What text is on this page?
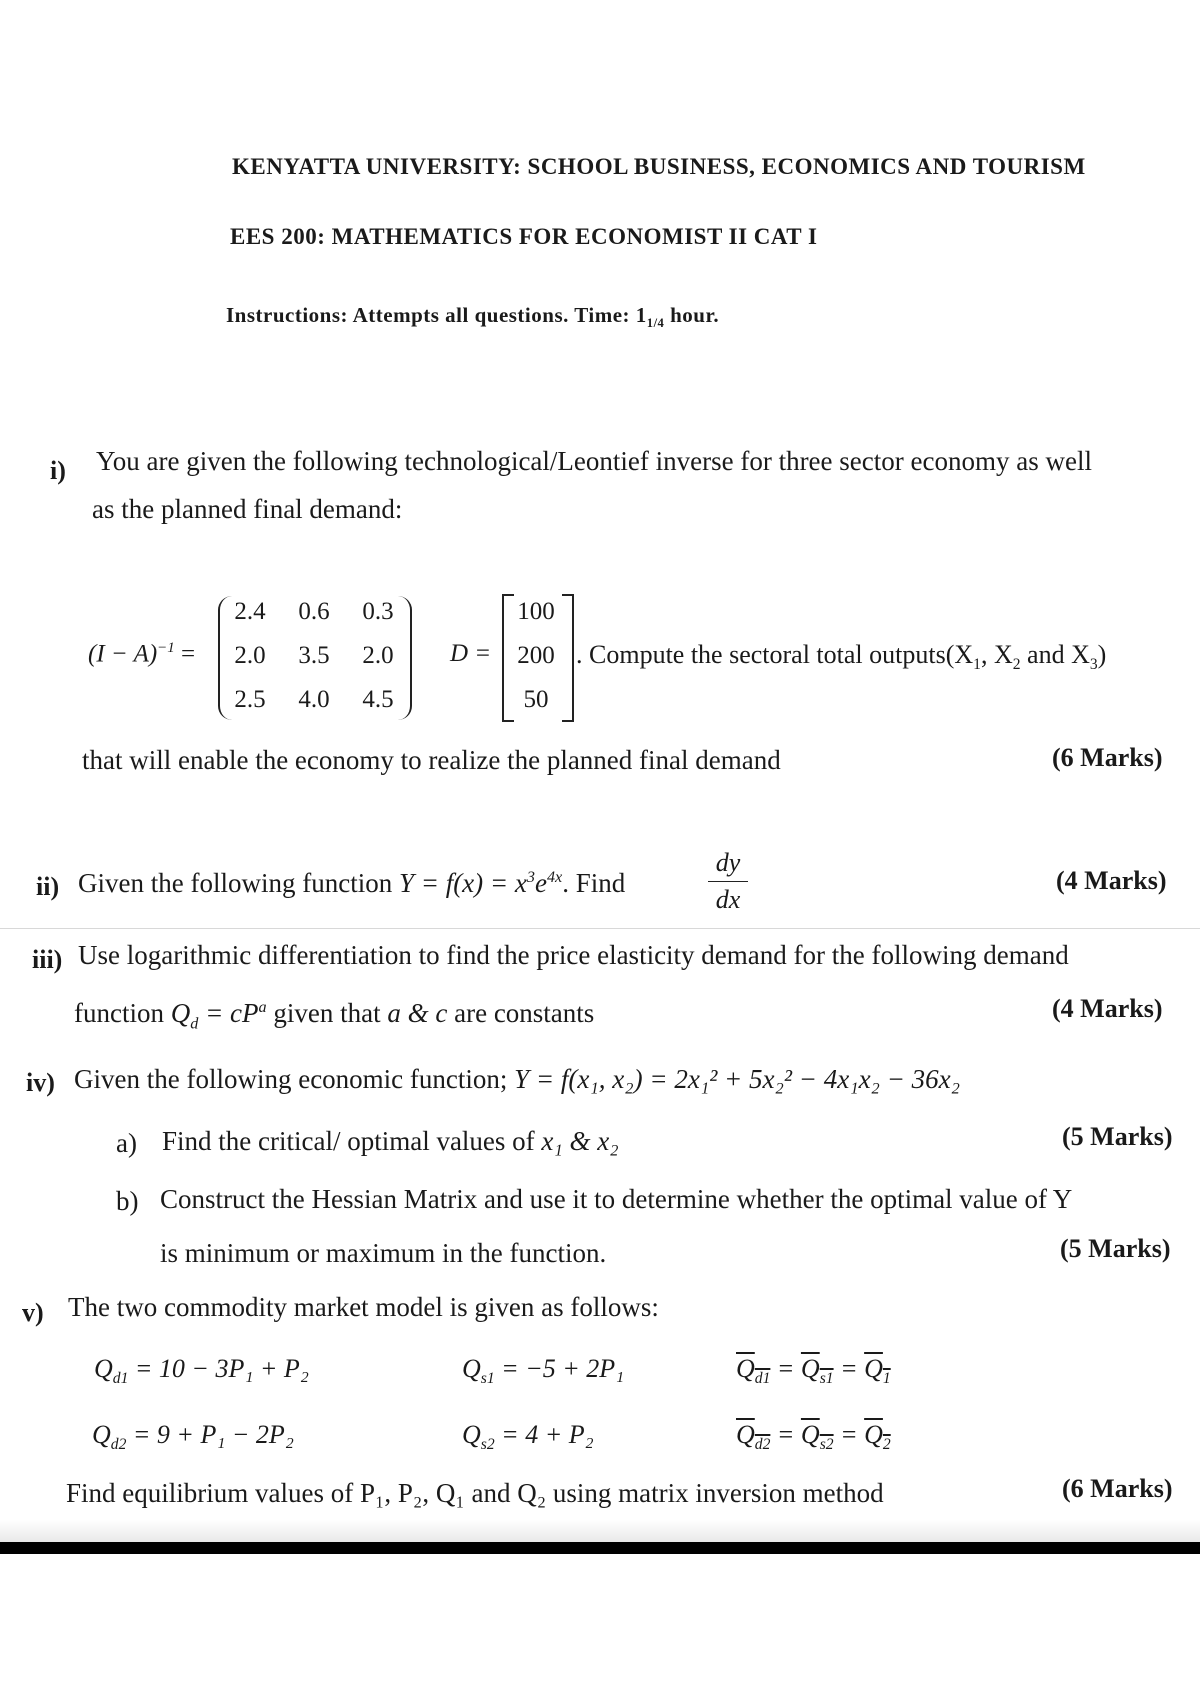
KENYATTA UNIVERSITY: SCHOOL BUSINESS, ECONOMICS AND TOURISM
EES 200: MATHEMATICS FOR ECONOMIST II CAT I
Instructions: Attempts all questions. Time: $1_{1/4}$ hour.
i) You are given the following technological/Leontief inverse for three sector economy as well
as the planned final demand:
$(I - A)^{-1}$ =
2.4	0.6	0.3
2.0	3.5	2.0
2.5	4.0	4.5
D =
100
200
50
. Compute the sectoral total $outputs(X_1$, $X_2$ and $X_3$)
that will enable the economy to realize the planned final demand	(6 Marks)
ii) Given the following function $Y = f(x) = x^3e^{4x}$. Find
dy
dx
(4 Marks)
iii) Use logarithmic differentiation to find the price elasticity demand for the following demand
function $Q_d = cP^a$ given that a & c are constants	(4 Marks)
iv) Given the following economic function; Y = f(x₁, x₂) = 2x₁² + 5x₂² − 4x₁x₂ − 36x₂
a) Find the critical/ optimal values of x₁ & x₂	(5 Marks)
b) Construct the Hessian Matrix and use it to determine whether the optimal value of Y
is minimum or maximum in the function.	(5 Marks)
v) The two commodity market model is given as follows:
$Q_{d1} = 10 - 3P_1 + P_2$	$Q_{s1} = -5 + 2P_1$	$Q_{d1} = Q_{s1} = Q_1$
$Q_{d2} = 9 + P_1 - 2P_2$	$Q_{s2} = 4 + P_2$	$Q_{d2} = Q_{s2} = Q_2$
Find equilibrium values of P₁, P₂, Q₁ and Q₂ using matrix inversion method	(6 Marks)
